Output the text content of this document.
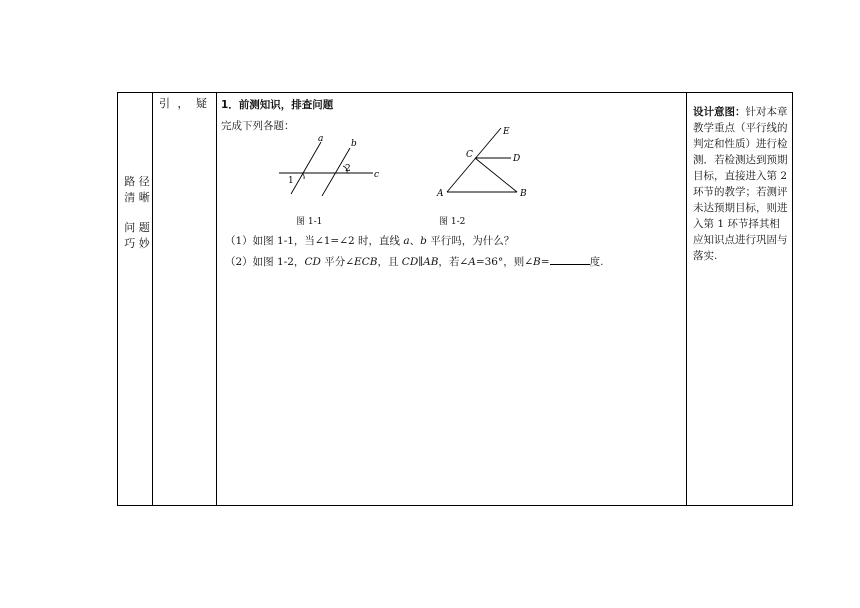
路 径
清 晰
问 题
巧 妙
引 ， 疑	1．前测知识，排查问题
完成下列各题：
a	b
c
1
2
图 1-1
A	B
C	D
E
图 1-2
（1）如图 1-1，当∠1=∠2 时，直线 a、b 平行吗，为什么？
（2）如图 1-2，CD 平分∠ECB，且 CD∥AB，若∠A=36°，则∠B=	度.
设计意图：针对本章教学重点（平行线的判定和性质）进行检测．若检测达到预期目标，直接进入第 2 环节的教学；若测评未达预期目标，则进入第 1 环节择其相应知识点进行巩固与落实.
